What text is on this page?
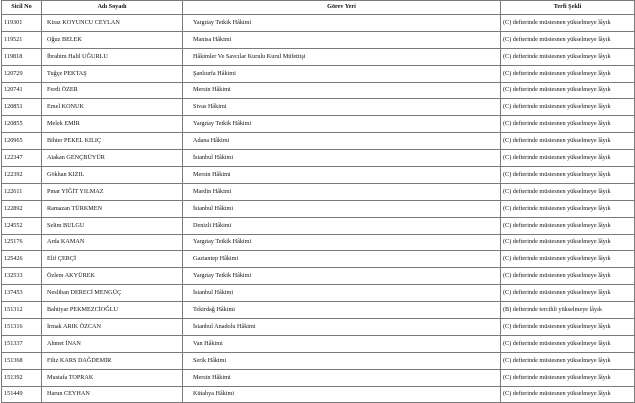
Sicil No	Adı Soyadı	Görev Yeri	Terfi Şekli
119301	Kiraz KOYUNCU CEYLAN	Yargıtay Tetkik Hâkimi	(C) defterinde müstesnen yükselmeye lâyık
119521	Oğuz BELEK	Manisa Hâkimi	(C) defterinde müstesnen yükselmeye lâyık
119818	İbrahim Halil UĞURLU	Hâkimler Ve Savcılar Kurulu Kurul Müfettişi	(C) defterinde müstesnen yükselmeye lâyık
120729	Tuğçe PEKTAŞ	Şanlıurfa Hâkimi	(C) defterinde müstesnen yükselmeye lâyık
120741	Ferdi ÖZER	Mersin Hâkimi	(C) defterinde müstesnen yükselmeye lâyık
120851	Emel KONUK	Sivas Hâkimi	(C) defterinde müstesnen yükselmeye lâyık
120855	Melek EMİR	Yargıtay Tetkik Hâkimi	(C) defterinde müstesnen yükselmeye lâyık
120965	Bihter PEKEL KILIÇ	Adana Hâkimi	(C) defterinde müstesnen yükselmeye lâyık
122347	Atakan GENÇBÜYÜR	İstanbul Hâkimi	(C) defterinde müstesnen yükselmeye lâyık
122392	Gökhan KIZIL	Mersin Hâkimi	(C) defterinde müstesnen yükselmeye lâyık
122611	Pınar YİĞİT YILMAZ	Mardin Hâkimi	(C) defterinde müstesnen yükselmeye lâyık
122892	Ramazan TÜRKMEN	İstanbul Hâkimi	(C) defterinde müstesnen yükselmeye lâyık
124552	Selim BULGU	Denizli Hâkimi	(C) defterinde müstesnen yükselmeye lâyık
125176	Arda KAMAN	Yargıtay Tetkik Hâkimi	(C) defterinde müstesnen yükselmeye lâyık
125426	Elif ÇERÇİ	Gaziantep Hâkimi	(C) defterinde müstesnen yükselmeye lâyık
132533	Özlem AKYÜREK	Yargıtay Tetkik Hâkimi	(C) defterinde müstesnen yükselmeye lâyık
137453	Nesliban DERECİ MENGÜÇ	İstanbul Hâkimi	(C) defterinde müstesnen yükselmeye lâyık
151312	Bahtiyar PEKMEZCİOĞLU	Tekirdağ Hâkimi	(B) defterinde tercihli yükselmeye lâyık
151316	İrmak ARIK ÖZCAN	İstanbul Anadolu Hâkimi	(C) defterinde müstesnen yükselmeye lâyık
151337	Ahmet İNAN	Van Hâkimi	(C) defterinde müstesnen yükselmeye lâyık
151368	Filiz KARS DAĞDEMİR	Serik Hâkimi	(C) defterinde müstesnen yükselmeye lâyık
151392	Mustafa TOPRAK	Mersin Hâkimi	(C) defterinde müstesnen yükselmeye lâyık
151449	Harun CEYHAN	Kütahya Hâkimi	(C) defterinde müstesnen yükselmeye lâyık
